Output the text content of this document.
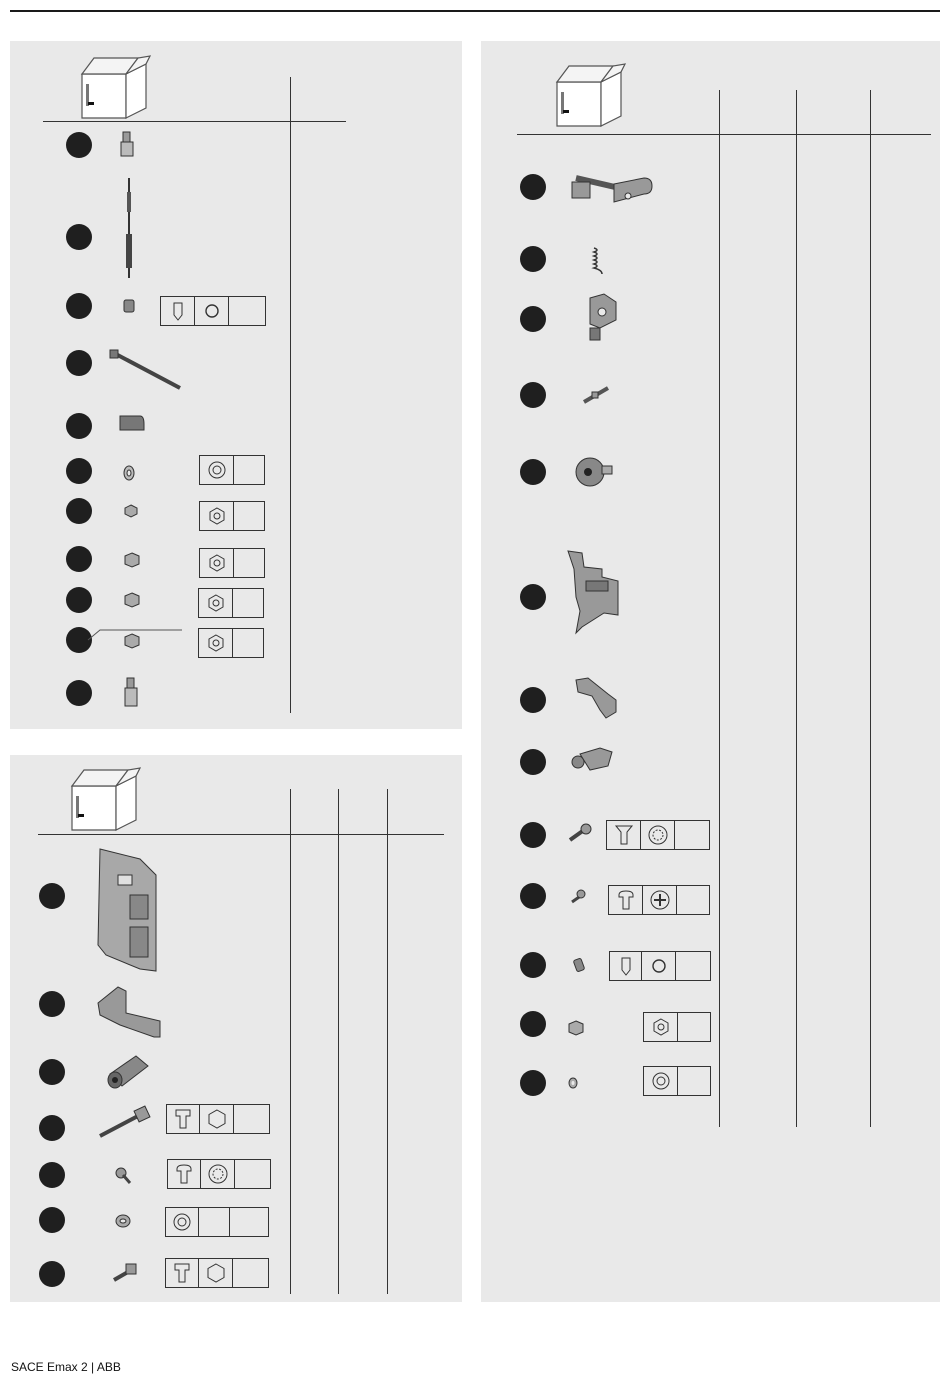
SACE Emax 2 | ABB
